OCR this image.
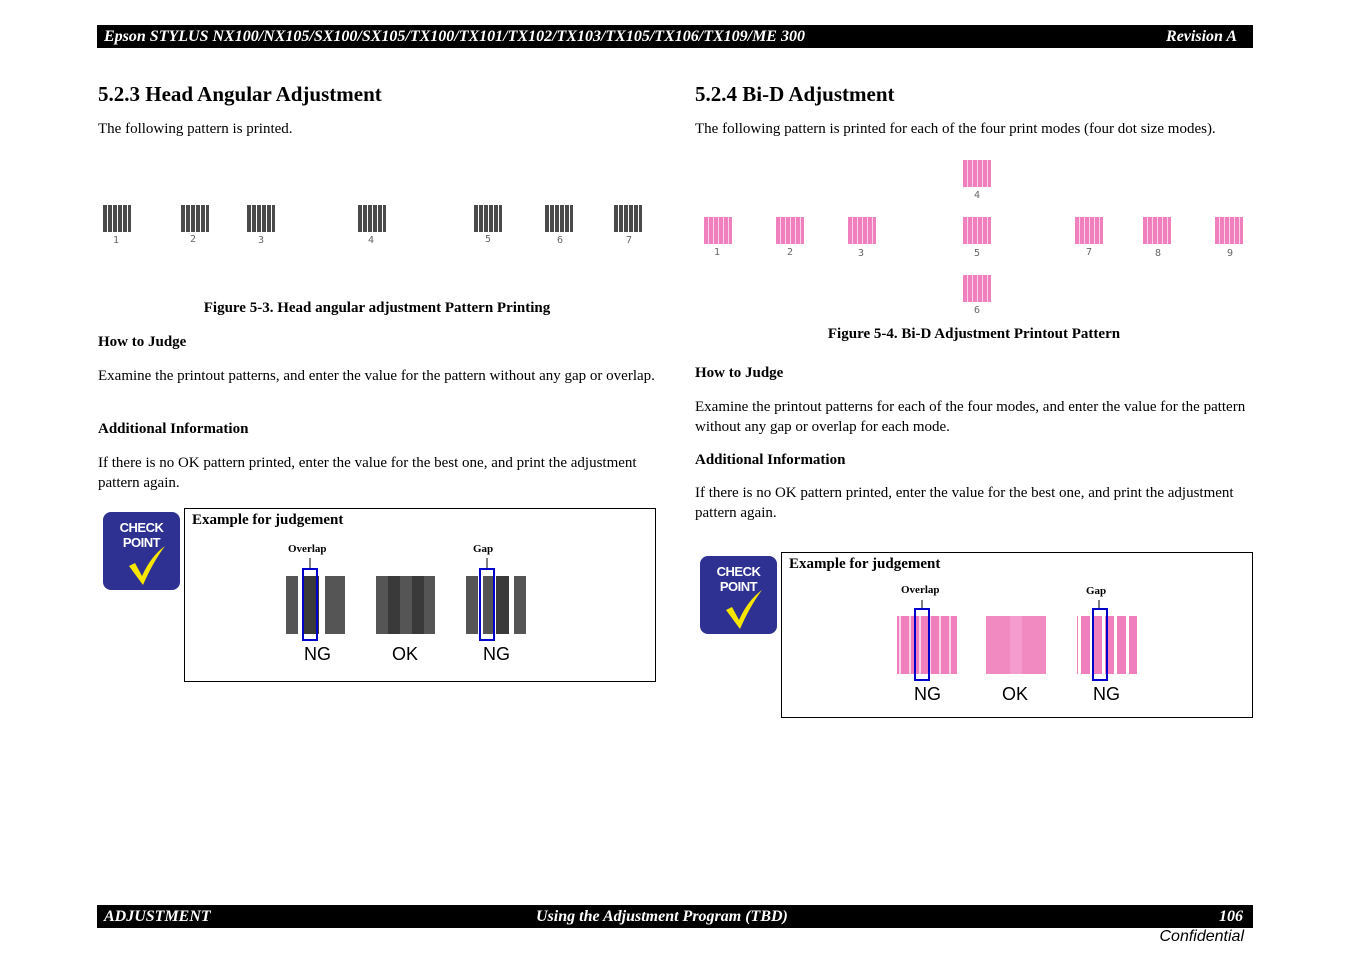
Epson STYLUS NX100/NX105/SX100/SX105/TX100/TX101/TX102/TX103/TX105/TX106/TX109/ME 300	Revision A
5.2.3 Head Angular Adjustment

The following pattern is printed.

1	2	3	4	5	6	7
Figure 5-3. Head angular adjustment Pattern Printing

How to Judge

Examine the printout patterns, and enter the value for the pattern without any gap or overlap.

Additional Information

If there is no OK pattern printed, enter the value for the best one, and print the adjustment pattern again.

CHECK
POINT
Example for judgement
Overlap	Gap
NG	OK	NG
5.2.4 Bi-D Adjustment

The following pattern is printed for each of the four print modes (four dot size modes).

1	2	3
4
5
6
7	8	9
Figure 5-4. Bi-D Adjustment Printout Pattern

How to Judge

Examine the printout patterns for each of the four modes, and enter the value for the pattern without any gap or overlap for each mode.

Additional Information

If there is no OK pattern printed, enter the value for the best one, and print the adjustment pattern again.

CHECK
POINT
Example for judgement
Overlap	Gap
NG	OK	NG
ADJUSTMENT	Using the Adjustment Program (TBD)	106
Confidential
